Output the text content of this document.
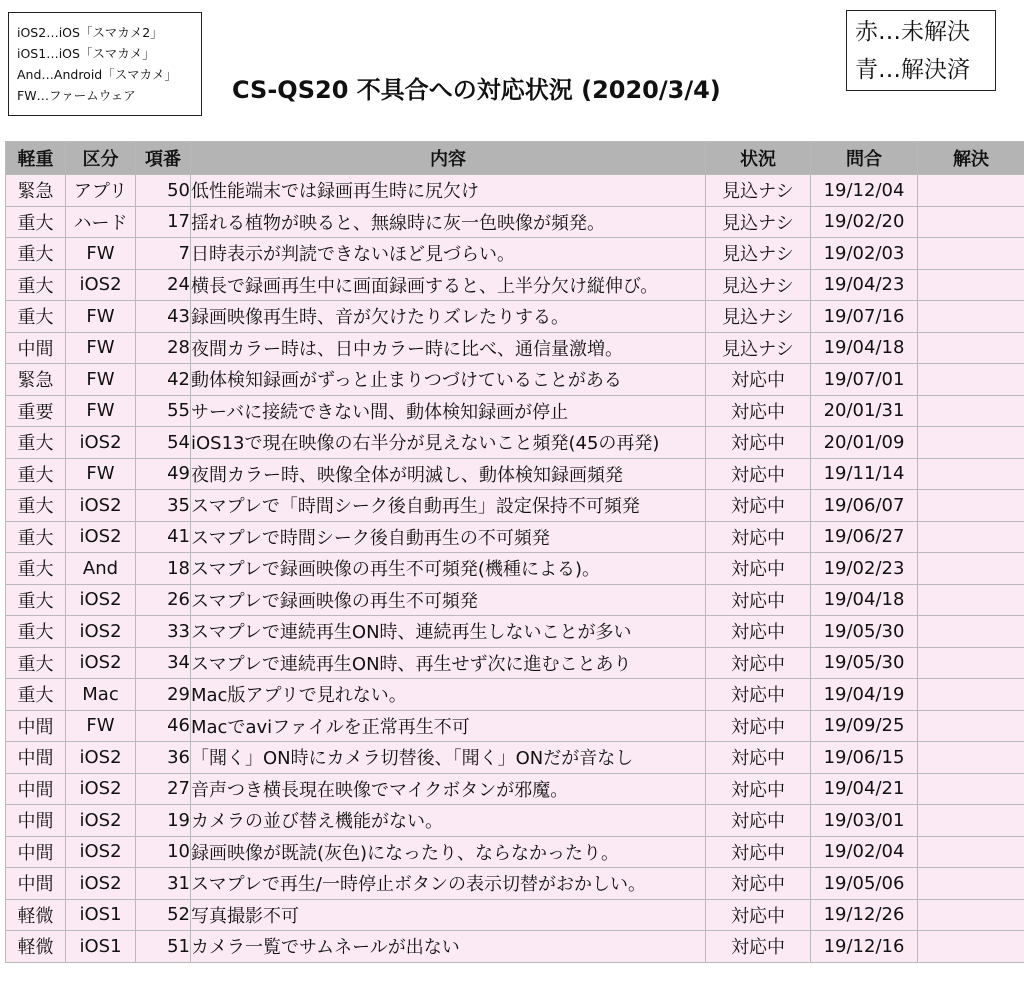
iOS2…iOS「スマカメ2」
iOS1…iOS「スマカメ」
And…Android「スマカメ」
FW…ファームウェア	CS-QS20 不具合への対応状況 (2020/3/4)
赤…未解決
青…解決済
軽重	区分	項番	内容	状況	問合	解決
緊急	アプリ	50	低性能端末では録画再生時に尻欠け	見込ナシ	19/12/04	
重大	ハード	17	揺れる植物が映ると、無線時に灰一色映像が頻発。	見込ナシ	19/02/20	
重大	FW	7	日時表示が判読できないほど見づらい。	見込ナシ	19/02/03	
重大	iOS2	24	横長で録画再生中に画面録画すると、上半分欠け縦伸び。	見込ナシ	19/04/23	
重大	FW	43	録画映像再生時、音が欠けたりズレたりする。	見込ナシ	19/07/16	
中間	FW	28	夜間カラー時は、日中カラー時に比べ、通信量激増。	見込ナシ	19/04/18	
緊急	FW	42	動体検知録画がずっと止まりつづけていることがある	対応中	19/07/01	
重要	FW	55	サーバに接続できない間、動体検知録画が停止	対応中	20/01/31	
重大	iOS2	54	iOS13で現在映像の右半分が見えないこと頻発(45の再発)	対応中	20/01/09	
重大	FW	49	夜間カラー時、映像全体が明滅し、動体検知録画頻発	対応中	19/11/14	
重大	iOS2	35	スマプレで「時間シーク後自動再生」設定保持不可頻発	対応中	19/06/07	
重大	iOS2	41	スマプレで時間シーク後自動再生の不可頻発	対応中	19/06/27	
重大	And	18	スマプレで録画映像の再生不可頻発(機種による)。	対応中	19/02/23	
重大	iOS2	26	スマプレで録画映像の再生不可頻発	対応中	19/04/18	
重大	iOS2	33	スマプレで連続再生ON時、連続再生しないことが多い	対応中	19/05/30	
重大	iOS2	34	スマプレで連続再生ON時、再生せず次に進むことあり	対応中	19/05/30	
重大	Mac	29	Mac版アプリで見れない。	対応中	19/04/19	
中間	FW	46	Macでaviファイルを正常再生不可	対応中	19/09/25	
中間	iOS2	36	「聞く」ON時にカメラ切替後、「聞く」ONだが音なし	対応中	19/06/15	
中間	iOS2	27	音声つき横長現在映像でマイクボタンが邪魔。	対応中	19/04/21	
中間	iOS2	19	カメラの並び替え機能がない。	対応中	19/03/01	
中間	iOS2	10	録画映像が既読(灰色)になったり、ならなかったり。	対応中	19/02/04	
中間	iOS2	31	スマプレで再生/一時停止ボタンの表示切替がおかしい。	対応中	19/05/06	
軽微	iOS1	52	写真撮影不可	対応中	19/12/26	
軽微	iOS1	51	カメラ一覧でサムネールが出ない	対応中	19/12/16	
